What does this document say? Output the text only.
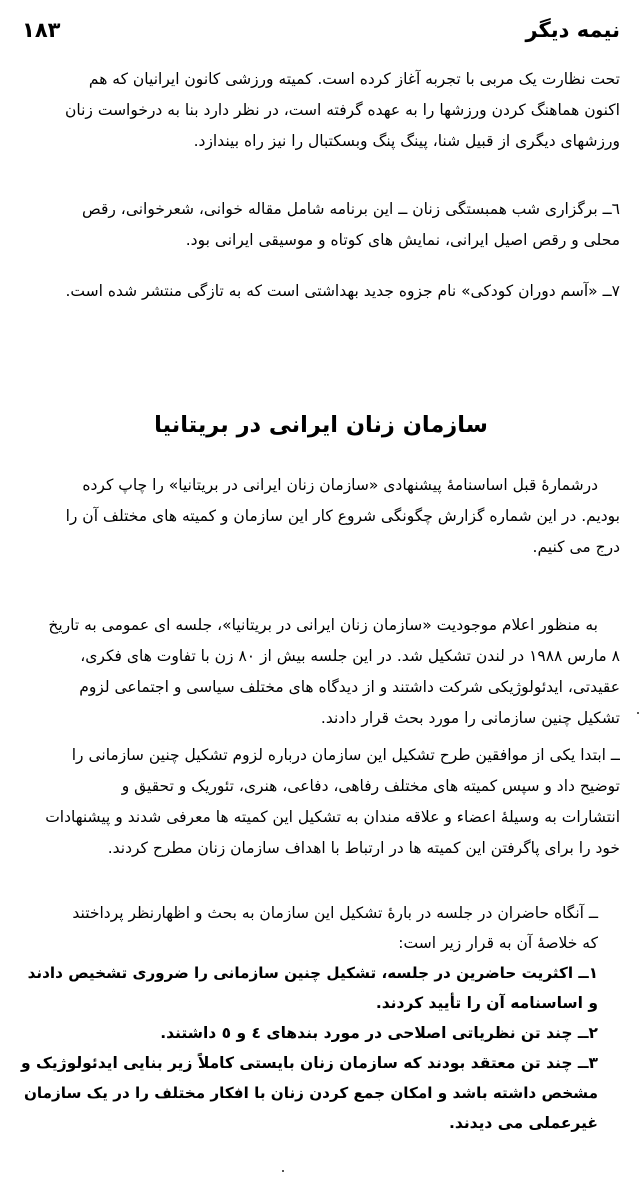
نیمه دیگر
۱۸۳
تحت نظارت یک مربی با تجربه آغاز کرده است. کمیته ورزشی کانون ایرانیان که هم
اکنون هماهنگ کردن ورزشها را به عهده گرفته است، در نظر دارد بنا به درخواست زنان
ورزشهای دیگری از قبیل شنا، پینگ پنگ وبسکتبال را نیز راه بیندازد.
٦ــ برگزاری شب همبستگی زنان ــ این برنامه شامل مقاله خوانی، شعرخوانی، رقص
محلی و رقص اصیل ایرانی، نمایش های کوتاه و موسیقی ایرانی بود.
٧ــ «آسم دوران کودکی» نام جزوه جدید بهداشتی است که به تازگی منتشر شده است.
سازمان زنان ایرانی در بریتانیا
درشمارهٔ قبل اساسنامهٔ پیشنهادی «سازمان زنان ایرانی در بریتانیا» را چاپ کرده
بودیم. در این شماره گزارش چگونگی شروع کار این سازمان و کمیته های مختلف آن را
درج می کنیم.
به منظور اعلام موجودیت «سازمان زنان ایرانی در بریتانیا»، جلسه ای عمومی به تاریخ
٨ مارس ١٩٨٨ در لندن تشکیل شد. در این جلسه بیش از ٨٠ زن با تفاوت های فکری،
عقیدتی، ایدئولوژیکی شرکت داشتند و از دیدگاه های مختلف سیاسی و اجتماعی لزوم
تشکیل چنین سازمانی را مورد بحث قرار دادند.
ــ ابتدا یکی از موافقین طرح تشکیل این سازمان درباره لزوم تشکیل چنین سازمانی را
توضیح داد و سپس کمیته های مختلف رفاهی، دفاعی، هنری، تئوریک و تحقیق و
انتشارات به وسیلهٔ اعضاء و علاقه مندان به تشکیل این کمیته ها معرفی شدند و پیشنهادات
خود را برای پاگرفتن این کمیته ها در ارتباط با اهداف سازمان زنان مطرح کردند.
ــ آنگاه حاضران در جلسه در بارهٔ تشکیل این سازمان به بحث و اظهارنظر پرداختند
که خلاصهٔ آن به قرار زیر است:
١ــ اکثریت حاضرین در جلسه، تشکیل چنین سازمانی را ضروری تشخیص دادند
و اساسنامه آن را تأیید کردند.
٢ــ چند تن نظریاتی اصلاحی در مورد بندهای ٤ و ٥ داشتند.
٣ــ چند تن معتقد بودند که سازمان زنان بایستی کاملاً زیر بنایی ایدئولوژیک و
مشخص داشته باشد و امکان جمع کردن زنان با افکار مختلف را در یک سازمان
غیرعملی می دیدند.
